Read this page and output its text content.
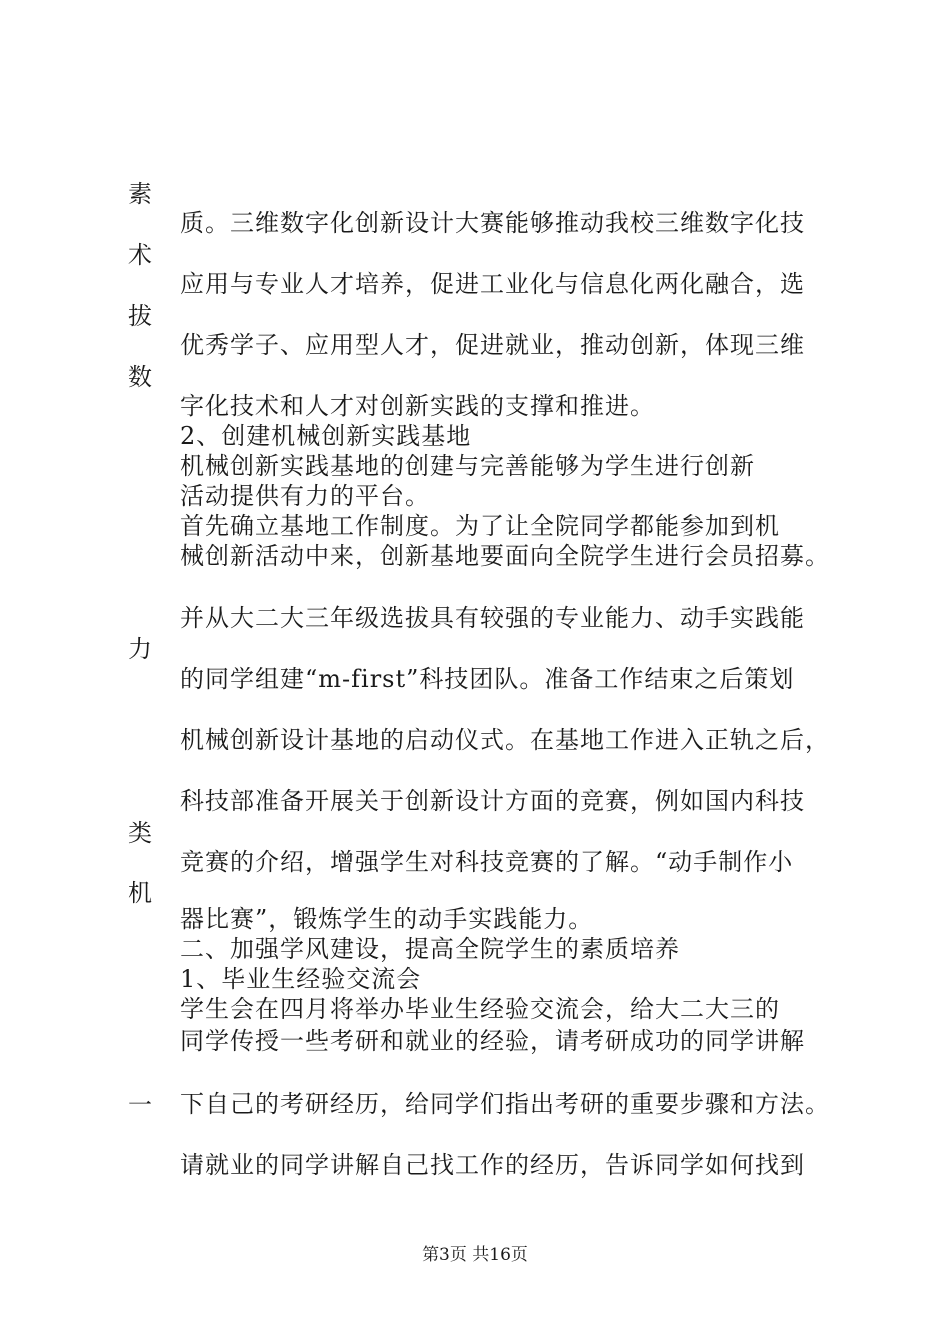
素
术
拔
数
力
类
机
一
质。三维数字化创新设计大赛能够推动我校三维数字化技
应用与专业人才培养，促进工业化与信息化两化融合，选
优秀学子、应用型人才，促进就业，推动创新，体现三维
字化技术和人才对创新实践的支撑和推进。
2、创建机械创新实践基地
机械创新实践基地的创建与完善能够为学生进行创新
活动提供有力的平台。
首先确立基地工作制度。为了让全院同学都能参加到机
械创新活动中来，创新基地要面向全院学生进行会员招募。
并从大二大三年级选拔具有较强的专业能力、动手实践能
的同学组建“m-first”科技团队。准备工作结束之后策划
机械创新设计基地的启动仪式。在基地工作进入正轨之后，
科技部准备开展关于创新设计方面的竞赛，例如国内科技
竞赛的介绍，增强学生对科技竞赛的了解。“动手制作小
器比赛”，锻炼学生的动手实践能力。
二、加强学风建设，提高全院学生的素质培养
1、毕业生经验交流会
学生会在四月将举办毕业生经验交流会，给大二大三的
同学传授一些考研和就业的经验，请考研成功的同学讲解
下自己的考研经历，给同学们指出考研的重要步骤和方法。
请就业的同学讲解自己找工作的经历，告诉同学如何找到
第3页 共16页
